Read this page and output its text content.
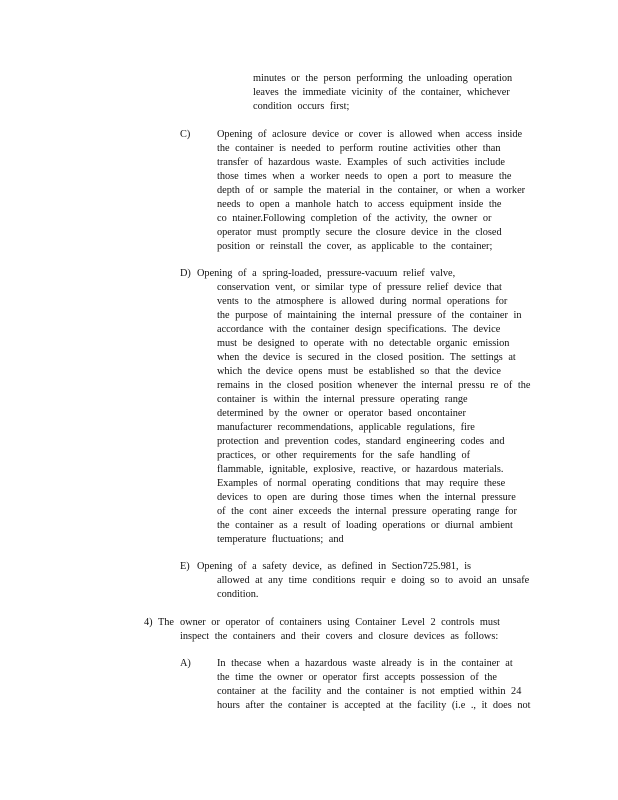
minutes or the person performing the unloading operation
leaves the immediate vicinity of the container, whichever
condition occurs first;
C)	Opening of aclosure device or cover is allowed when access inside
the container is needed to perform routine activities other than
transfer of hazardous waste. Examples of such activities include
those times when a worker needs to open a port to measure the
depth of or sample the material in the container, or when a worker
needs to open a manhole hatch to access equipment inside the
co ntainer.Following completion of the activity, the owner or
operator must promptly secure the closure device in the closed
position or reinstall the cover, as applicable to the container;
D) Opening of a spring-loaded, pressure-vacuum relief valve,
conservation vent, or similar type of pressure relief device that
vents to the atmosphere is allowed during normal operations for
the purpose of maintaining the internal pressure of the container in
accordance with the container design specifications. The device
must be designed to operate with no detectable organic emission
when the device is secured in the closed position. The settings at
which the device opens must be established so that the device
remains in the closed position whenever the internal pressu re of the
container is within the internal pressure operating range
determined by the owner or operator based oncontainer
manufacturer recommendations, applicable regulations, fire
protection and prevention codes, standard engineering codes and
practices, or other requirements for the safe handling of
flammable, ignitable, explosive, reactive, or hazardous materials.
Examples of normal operating conditions that may require these
devices to open are during those times when the internal pressure
of the cont ainer exceeds the internal pressure operating range for
the container as a result of loading operations or diurnal ambient
temperature fluctuations; and
E) Opening of a safety device, as defined in Section725.981, is
allowed at any time conditions requir e doing so to avoid an unsafe
condition.
4) The owner or operator of containers using Container Level 2 controls must
inspect the containers and their covers and closure devices as follows:
A)	In thecase when a hazardous waste already is in the container at
the time the owner or operator first accepts possession of the
container at the facility and the container is not emptied within 24
hours after the container is accepted at the facility (i.e ., it does not
